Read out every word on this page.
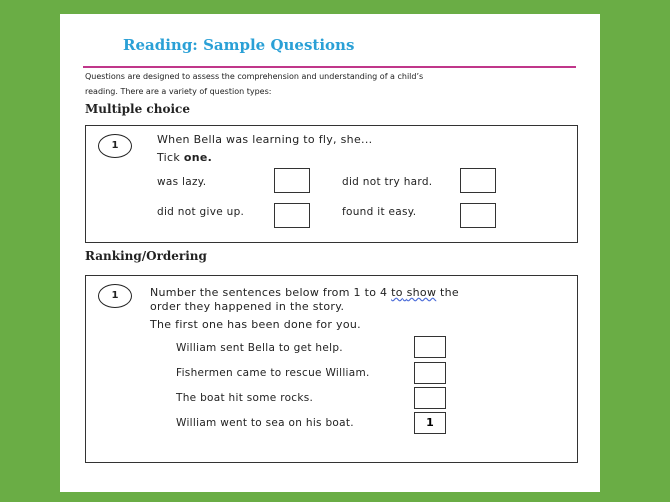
Reading: Sample Questions
Questions are designed to assess the comprehension and understanding of a child’s
reading. There are a variety of question types:
Multiple choice
1	When Bella was learning to fly, she...
Tick one.
was lazy.	did not try hard.
did not give up.	found it easy.
Ranking/Ordering
1	Number the sentences below from 1 to 4 to show the
order they happened in the story.
The first one has been done for you.
William sent Bella to get help.
Fishermen came to rescue William.
The boat hit some rocks.
William went to sea on his boat.	1
